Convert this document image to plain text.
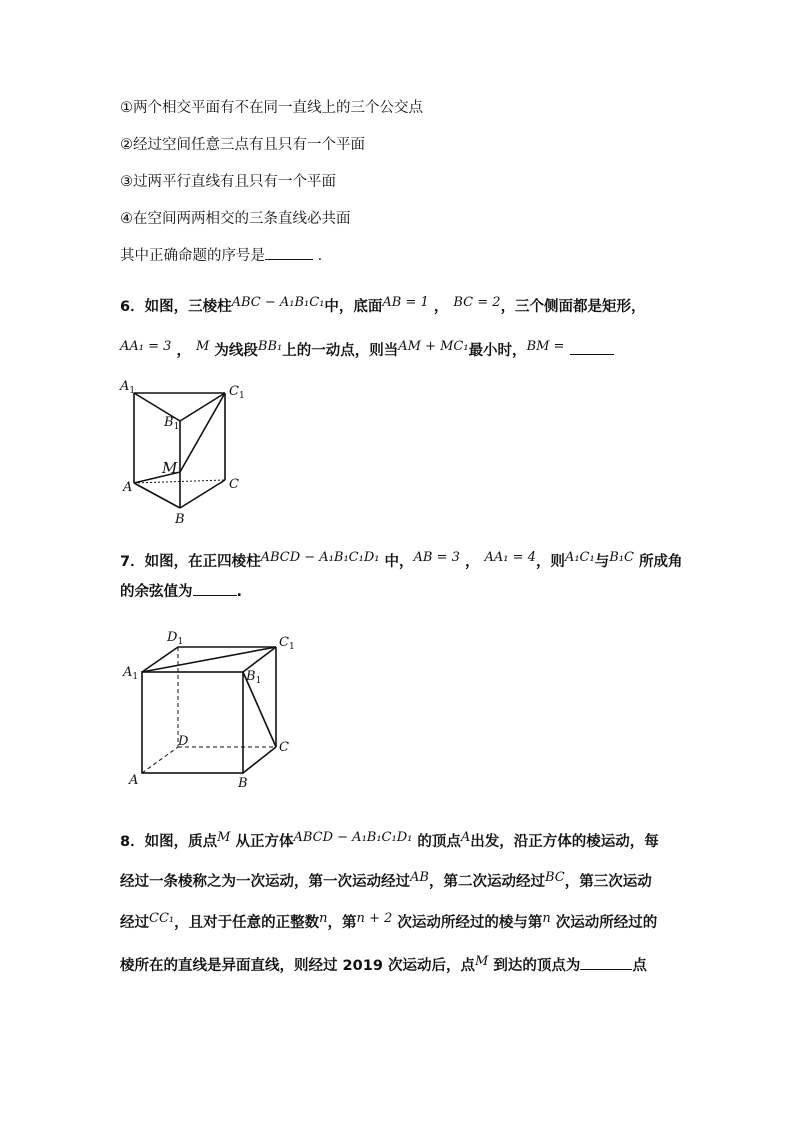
①两个相交平面有不在同一直线上的三个公交点
②经过空间任意三点有且只有一个平面
③过两平行直线有且只有一个平面
④在空间两两相交的三条直线必共面
其中正确命题的序号是	.
6．如图，三棱柱ABC − A₁B₁C₁中，底面AB = 1 ， BC = 2，三个侧面都是矩形，
AA₁ = 3 ， M 为线段BB₁上的一动点，则当AM + MC₁最小时，BM =
$A_1$	$C_1$
$B_1$
M
A	C
B
7．如图，在正四棱柱ABCD − A₁B₁C₁D₁ 中，AB = 3 ， AA₁ = 4，则A₁C₁与B₁C 所成角
的余弦值为	.
$D_1$	$C_1$
$A_1$	$B_1$
D	C
A	B
8．如图，质点M 从正方体ABCD − A₁B₁C₁D₁ 的顶点A出发，沿正方体的棱运动，每
经过一条棱称之为一次运动，第一次运动经过AB，第二次运动经过BC，第三次运动
经过CC₁，且对于任意的正整数n，第n + 2 次运动所经过的棱与第n 次运动所经过的
棱所在的直线是异面直线，则经过 2019 次运动后，点M 到达的顶点为	点
